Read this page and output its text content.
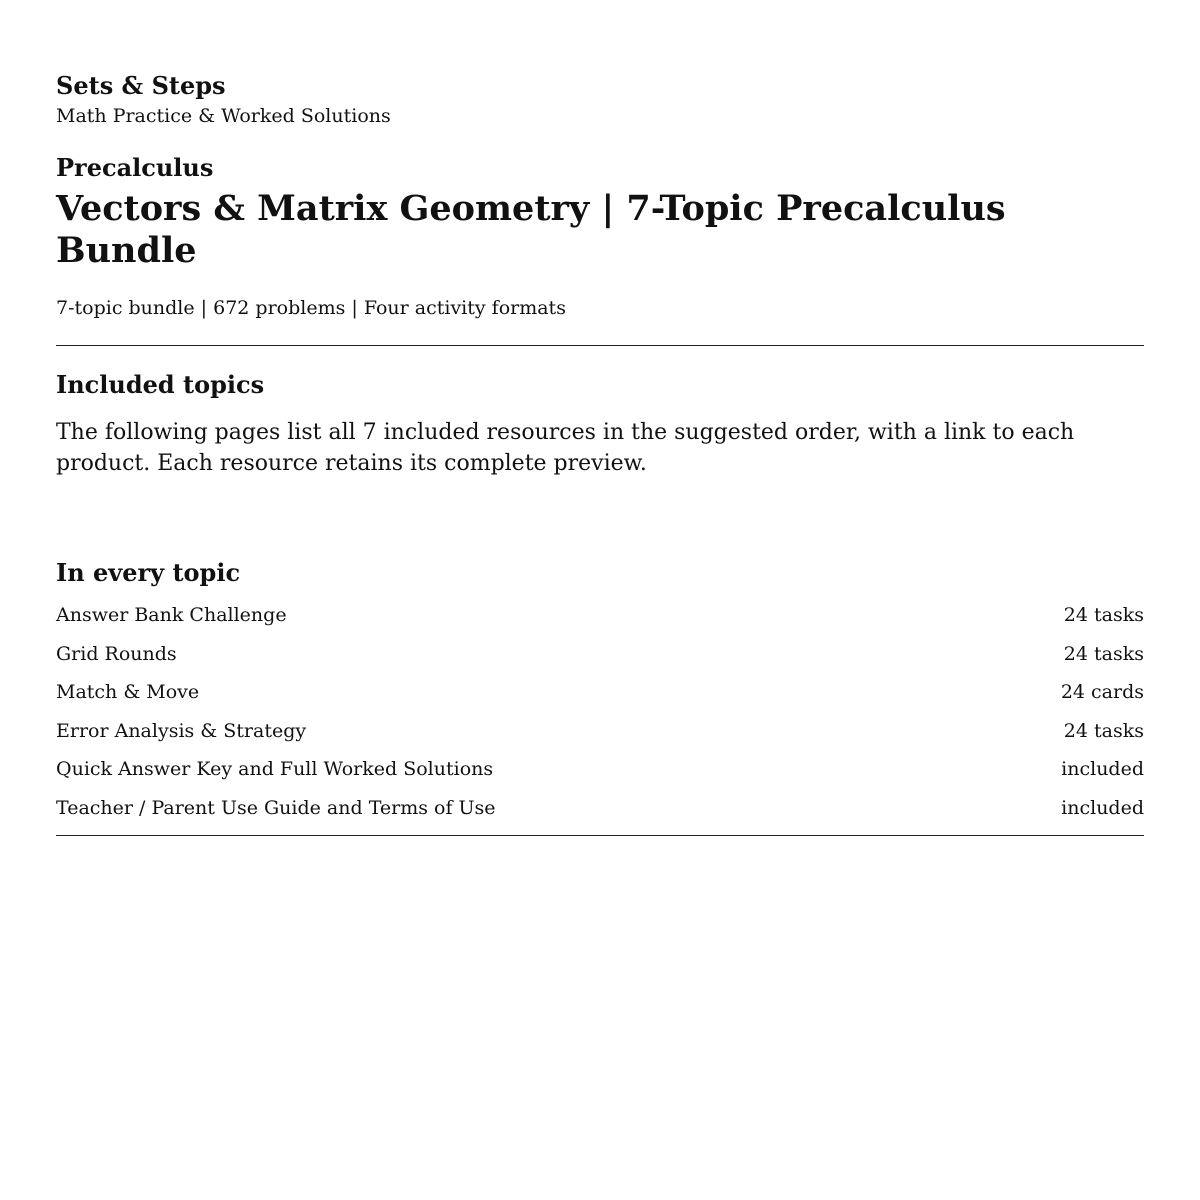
Sets & Steps

Math Practice & Worked Solutions

Precalculus

Vectors & Matrix Geometry | 7-Topic Precalculus Bundle

7-topic bundle | 672 problems | Four activity formats

Included topics

The following pages list all 7 included resources in the suggested order, with a link to each product. Each resource retains its complete preview.

In every topic
Answer Bank Challenge	24 tasks
Grid Rounds	24 tasks
Match & Move	24 cards
Error Analysis & Strategy	24 tasks
Quick Answer Key and Full Worked Solutions	included
Teacher / Parent Use Guide and Terms of Use	included
